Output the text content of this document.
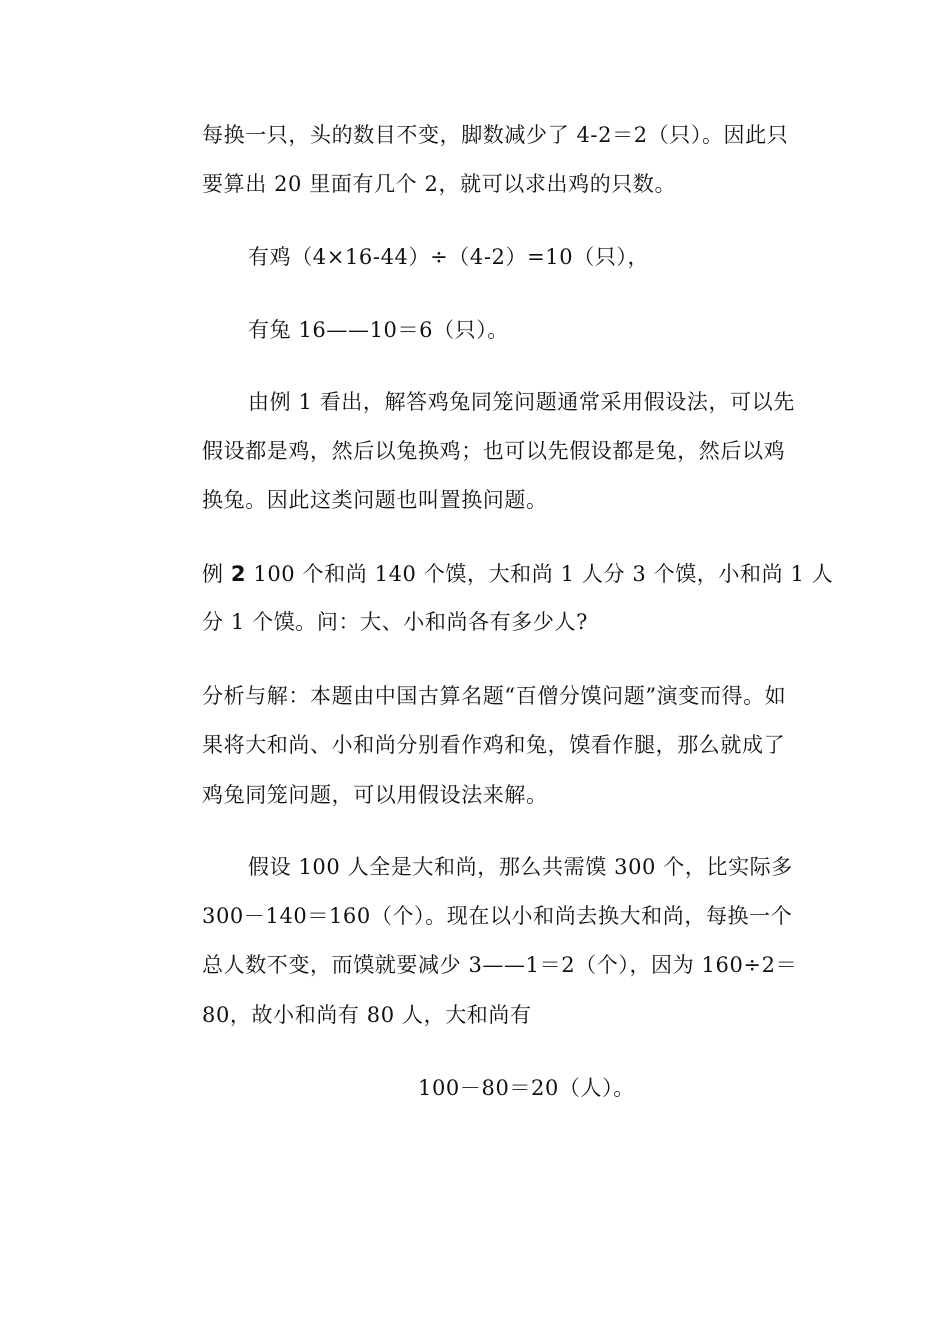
每换一只，头的数目不变，脚数减少了 4-2＝2（只）。因此只

要算出 20 里面有几个 2，就可以求出鸡的只数。

有鸡（4×16-44）÷（4-2）=10（只），

有兔 16——10＝6（只）。

由例 1 看出，解答鸡兔同笼问题通常采用假设法，可以先

假设都是鸡，然后以兔换鸡；也可以先假设都是兔，然后以鸡

换兔。因此这类问题也叫置换问题。

例 2 100 个和尚 140 个馍，大和尚 1 人分 3 个馍，小和尚 1 人

分 1 个馍。问：大、小和尚各有多少人?

分析与解：本题由中国古算名题“百僧分馍问题”演变而得。如

果将大和尚、小和尚分别看作鸡和兔，馍看作腿，那么就成了

鸡兔同笼问题，可以用假设法来解。

假设 100 人全是大和尚，那么共需馍 300 个，比实际多

300－140＝160（个）。现在以小和尚去换大和尚，每换一个

总人数不变，而馍就要减少 3——1＝2（个），因为 160÷2＝

80，故小和尚有 80 人，大和尚有

100－80＝20（人）。
